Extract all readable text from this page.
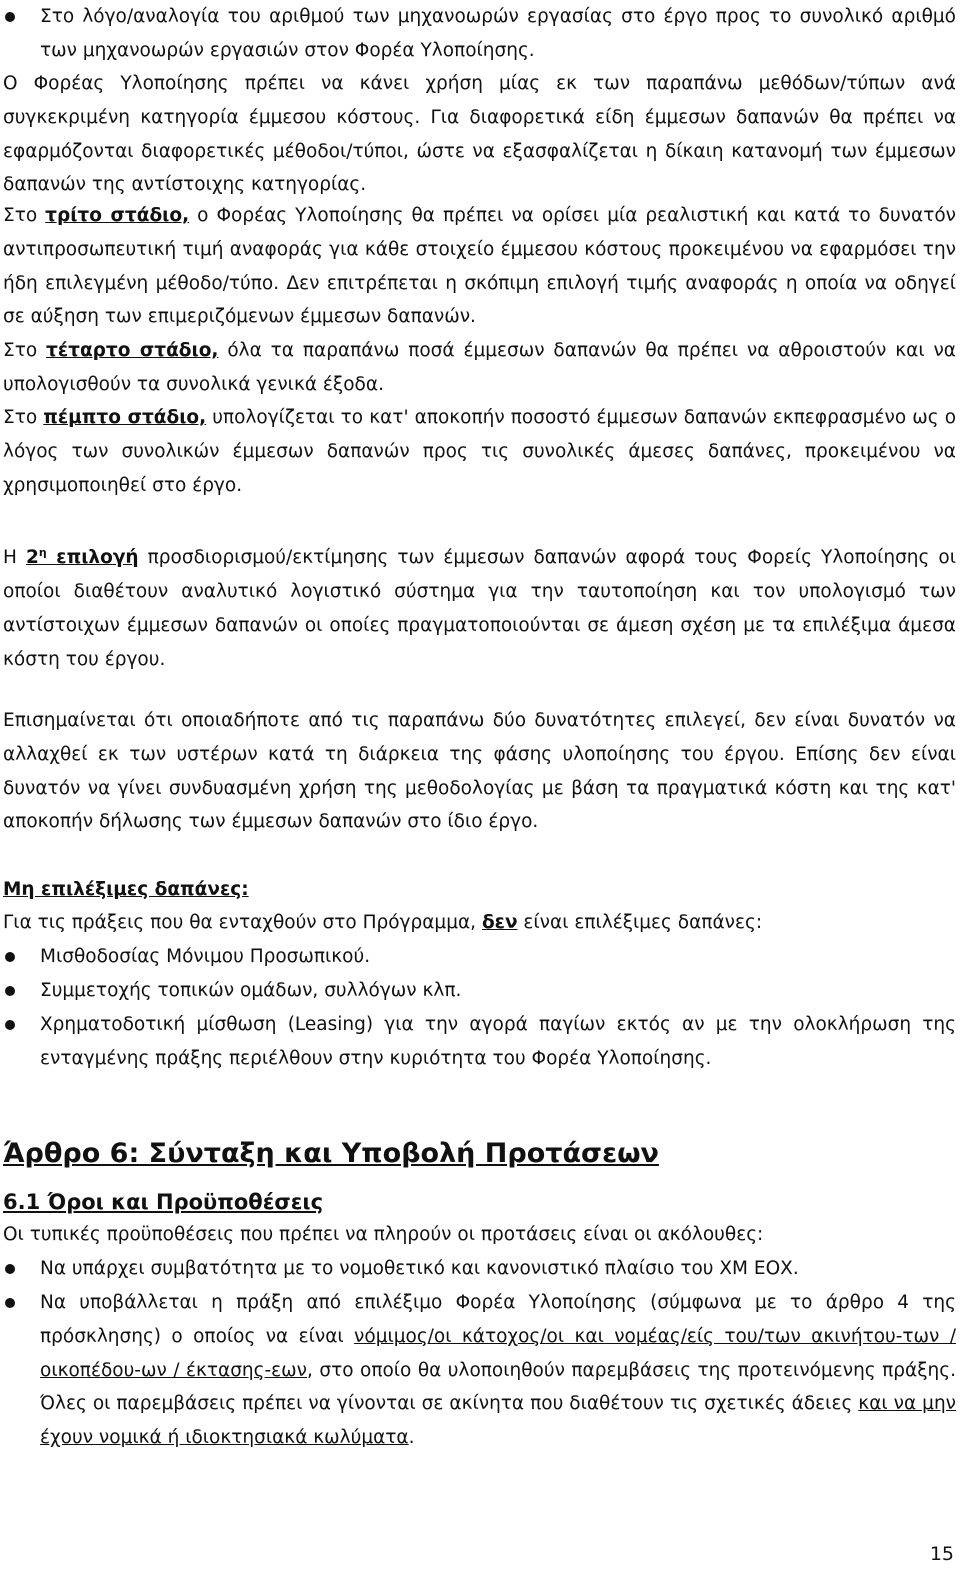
Στο λόγο/αναλογία του αριθμού των μηχανοωρών εργασίας στο έργο προς το συνολικό αριθμό των μηχανοωρών εργασιών στον Φορέα Υλοποίησης.

Ο Φορέας Υλοποίησης πρέπει να κάνει χρήση μίας εκ των παραπάνω μεθόδων/τύπων ανά συγκεκριμένη κατηγορία έμμεσου κόστους. Για διαφορετικά είδη έμμεσων δαπανών θα πρέπει να εφαρμόζονται διαφορετικές μέθοδοι/τύποι, ώστε να εξασφαλίζεται η δίκαιη κατανομή των έμμεσων δαπανών της αντίστοιχης κατηγορίας.

Στο τρίτο στάδιο, ο Φορέας Υλοποίησης θα πρέπει να ορίσει μία ρεαλιστική και κατά το δυνατόν αντιπροσωπευτική τιμή αναφοράς για κάθε στοιχείο έμμεσου κόστους προκειμένου να εφαρμόσει την ήδη επιλεγμένη μέθοδο/τύπο. Δεν επιτρέπεται η σκόπιμη επιλογή τιμής αναφοράς η οποία να οδηγεί σε αύξηση των επιμεριζόμενων έμμεσων δαπανών.

Στο τέταρτο στάδιο, όλα τα παραπάνω ποσά έμμεσων δαπανών θα πρέπει να αθροιστούν και να υπολογισθούν τα συνολικά γενικά έξοδα.

Στο πέμπτο στάδιο, υπολογίζεται το κατ' αποκοπήν ποσοστό έμμεσων δαπανών εκπεφρασμένο ως ο λόγος των συνολικών έμμεσων δαπανών προς τις συνολικές άμεσες δαπάνες, προκειμένου να χρησιμοποιηθεί στο έργο.

Η $2^\eta$ επιλογή προσδιορισμού/εκτίμησης των έμμεσων δαπανών αφορά τους Φορείς Υλοποίησης οι οποίοι διαθέτουν αναλυτικό λογιστικό σύστημα για την ταυτοποίηση και τον υπολογισμό των αντίστοιχων έμμεσων δαπανών οι οποίες πραγματοποιούνται σε άμεση σχέση με τα επιλέξιμα άμεσα κόστη του έργου.

Επισημαίνεται ότι οποιαδήποτε από τις παραπάνω δύο δυνατότητες επιλεγεί, δεν είναι δυνατόν να αλλαχθεί εκ των υστέρων κατά τη διάρκεια της φάσης υλοποίησης του έργου. Επίσης δεν είναι δυνατόν να γίνει συνδυασμένη χρήση της μεθοδολογίας με βάση τα πραγματικά κόστη και της κατ' αποκοπήν δήλωσης των έμμεσων δαπανών στο ίδιο έργο.

Μη επιλέξιμες δαπάνες:

Για τις πράξεις που θα ενταχθούν στο Πρόγραμμα, δεν είναι επιλέξιμες δαπάνες:

Μισθοδοσίας Μόνιμου Προσωπικού.

Συμμετοχής τοπικών ομάδων, συλλόγων κλπ.

Χρηματοδοτική μίσθωση (Leasing) για την αγορά παγίων εκτός αν με την ολοκλήρωση της ενταγμένης πράξης περιέλθουν στην κυριότητα του Φορέα Υλοποίησης.

Άρθρο 6: Σύνταξη και Υποβολή Προτάσεων
6.1 Όροι και Προϋποθέσεις

Οι τυπικές προϋποθέσεις που πρέπει να πληρούν οι προτάσεις είναι οι ακόλουθες:

Να υπάρχει συμβατότητα με το νομοθετικό και κανονιστικό πλαίσιο του ΧΜ ΕΟΧ.

Να υποβάλλεται η πράξη από επιλέξιμο Φορέα Υλοποίησης (σύμφωνα με το άρθρο 4 της πρόσκλησης) ο οποίος να είναι νόμιμος/οι κάτοχος/οι και νομέας/είς του/των ακινήτου-των / οικοπέδου-ων / έκτασης-εων, στο οποίο θα υλοποιηθούν παρεμβάσεις της προτεινόμενης πράξης. Όλες οι παρεμβάσεις πρέπει να γίνονται σε ακίνητα που διαθέτουν τις σχετικές άδειες και να μην έχουν νομικά ή ιδιοκτησιακά κωλύματα.

15
